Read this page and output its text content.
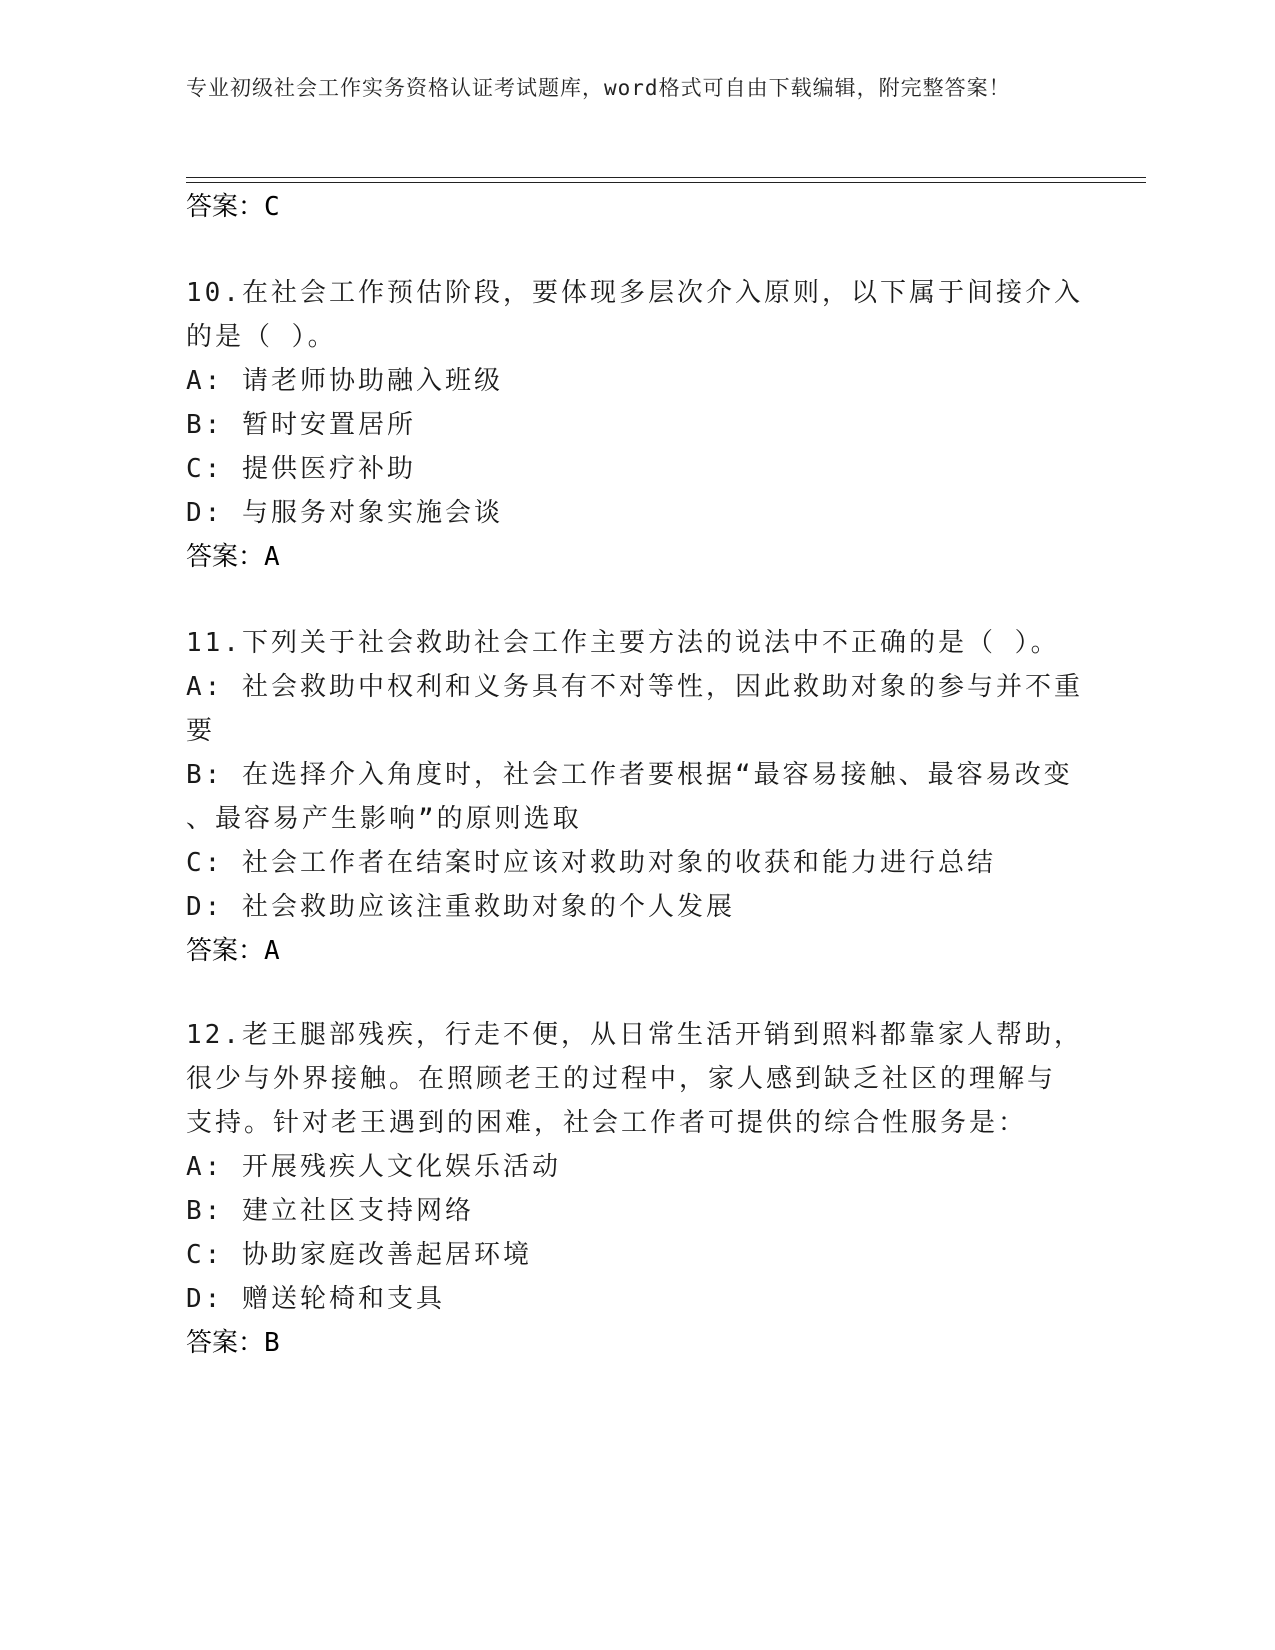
专业初级社会工作实务资格认证考试题库，word格式可自由下载编辑，附完整答案！
答案：C
10.在社会工作预估阶段，要体现多层次介入原则，以下属于间接介入
的是（ ）。
A: 请老师协助融入班级
B: 暂时安置居所
C: 提供医疗补助
D: 与服务对象实施会谈
答案：A
11.下列关于社会救助社会工作主要方法的说法中不正确的是（ ）。
A: 社会救助中权利和义务具有不对等性，因此救助对象的参与并不重
要
B: 在选择介入角度时，社会工作者要根据“最容易接触、最容易改变
、最容易产生影响”的原则选取
C: 社会工作者在结案时应该对救助对象的收获和能力进行总结
D: 社会救助应该注重救助对象的个人发展
答案：A
12.老王腿部残疾，行走不便，从日常生活开销到照料都靠家人帮助，
很少与外界接触。在照顾老王的过程中，家人感到缺乏社区的理解与
支持。针对老王遇到的困难，社会工作者可提供的综合性服务是：
A: 开展残疾人文化娱乐活动
B: 建立社区支持网络
C: 协助家庭改善起居环境
D: 赠送轮椅和支具
答案：B
